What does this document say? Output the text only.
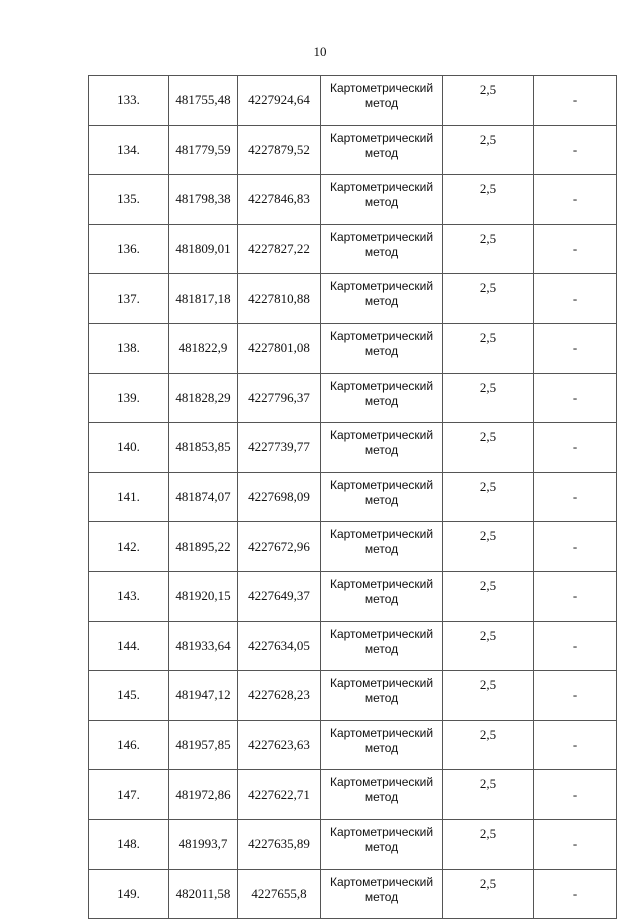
10
133.	481755,48	4227924,64	Картометрический метод	2,5	-
134.	481779,59	4227879,52	Картометрический метод	2,5	-
135.	481798,38	4227846,83	Картометрический метод	2,5	-
136.	481809,01	4227827,22	Картометрический метод	2,5	-
137.	481817,18	4227810,88	Картометрический метод	2,5	-
138.	481822,9	4227801,08	Картометрический метод	2,5	-
139.	481828,29	4227796,37	Картометрический метод	2,5	-
140.	481853,85	4227739,77	Картометрический метод	2,5	-
141.	481874,07	4227698,09	Картометрический метод	2,5	-
142.	481895,22	4227672,96	Картометрический метод	2,5	-
143.	481920,15	4227649,37	Картометрический метод	2,5	-
144.	481933,64	4227634,05	Картометрический метод	2,5	-
145.	481947,12	4227628,23	Картометрический метод	2,5	-
146.	481957,85	4227623,63	Картометрический метод	2,5	-
147.	481972,86	4227622,71	Картометрический метод	2,5	-
148.	481993,7	4227635,89	Картометрический метод	2,5	-
149.	482011,58	4227655,8	Картометрический метод	2,5	-
